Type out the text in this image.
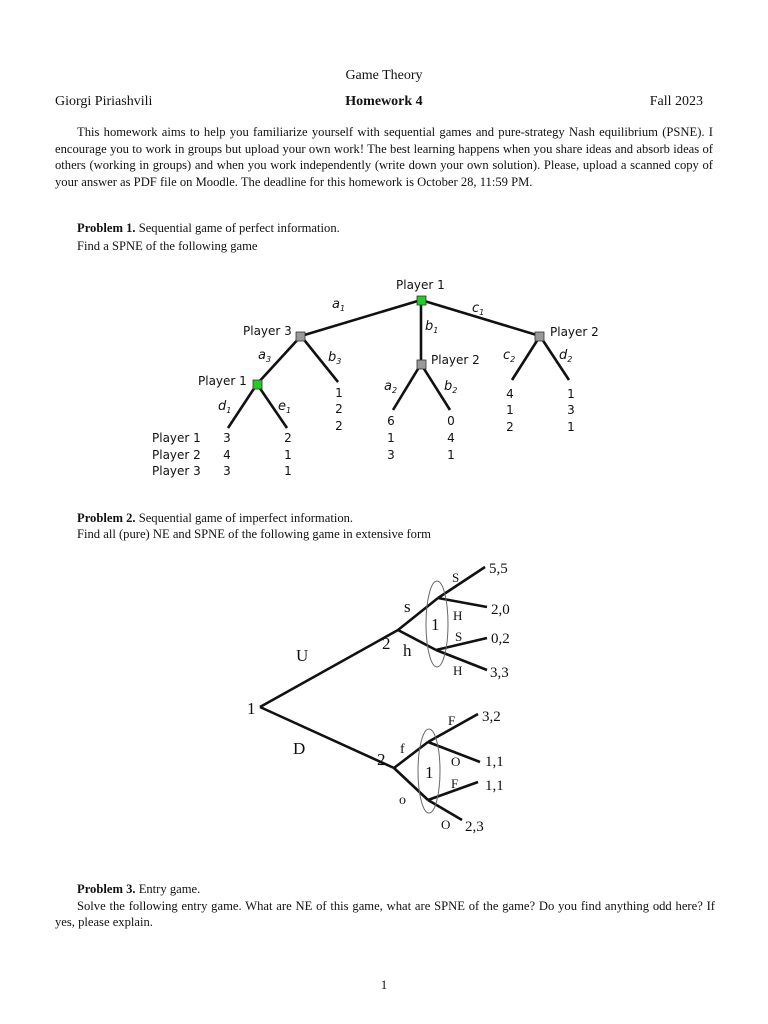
Game Theory
Giorgi Piriashvili	Homework 4	Fall 2023

This homework aims to help you familiarize yourself with sequential games and pure-strategy Nash equilibrium (PSNE). I encourage you to work in groups but upload your own work! The best learning happens when you share ideas and absorb ideas of others (working in groups) and when you work independently (write down your own solution). Please, upload a scanned copy of your answer as PDF file on Moodle. The deadline for this homework is October 28, 11:59 PM.

Problem 1. Sequential game of perfect information.
Find a SPNE of the following game
Player 1
Player 3
Player 2
Player 2
Player 1
$a_1$
$b_1$
$c_1$
$a_3$	$b_3$
$a_2$	$b_2$
$c_2$	$d_2$
$d_1$	$e_1$
Player 1
Player 2
Player 3
3
4
3
2
1
1
1
2
2	6
1
3
0
4
1
4
1
2
1
3
1
Problem 2. Sequential game of imperfect information.
Find all (pure) NE and SPNE of the following game in extensive form
1
U
D
2
2
s
h
f
o
1
1
S
H
S
H
F
O
F
O
5,5
2,0
0,2
3,3
3,2
1,1
1,1
2,3
Problem 3. Entry game.
Solve the following entry game. What are NE of this game, what are SPNE of the game? Do you find anything odd here? If yes, please explain.
1
